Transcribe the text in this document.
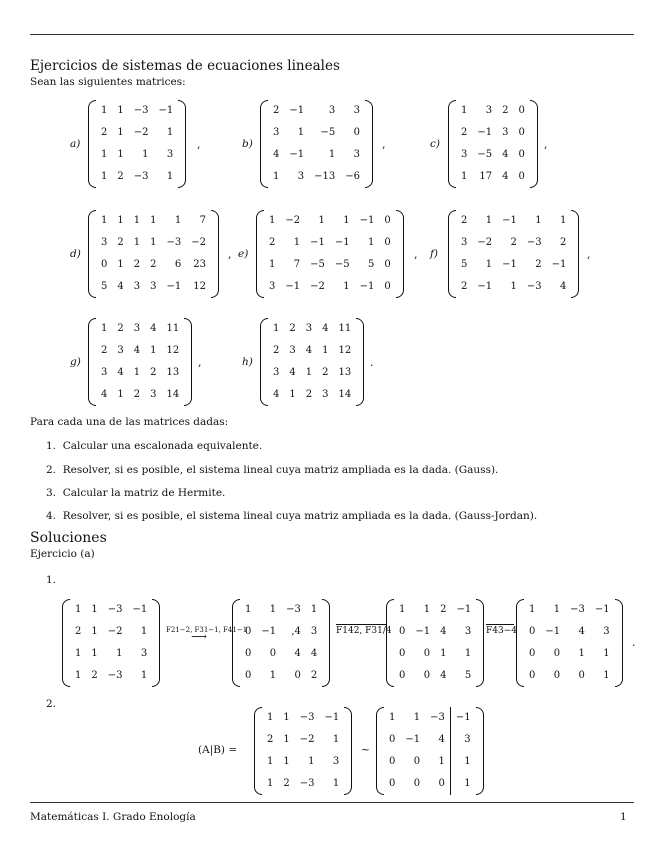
Ejercicios de sistemas de ecuaciones lineales
Sean las siguientes matrices:
a)
1	1	−3	−1
2	1	−2	1
1	1	1	3
1	2	−3	1
,	b)
2	−1	3	3
3	1	−5	0
4	−1	1	3
1	3	−13	−6
,	c)
1	3	2	0
2	−1	3	0
3	−5	4	0
1	17	4	0
,
d)
1	1	1	1	1	7
3	2	1	1	−3	−2
0	1	2	2	6	23
5	4	3	3	−1	12
, e)
1	−2	1	1	−1	0
2	1	−1	−1	1	0
1	7	−5	−5	5	0
3	−1	−2	1	−1	0
, f)
2	1	−1	1	1
3	−2	2	−3	2
5	1	−1	2	−1
2	−1	1	−3	4
,
g)
1	2	3	4	11
2	3	4	1	12
3	4	1	2	13
4	1	2	3	14
,	h)
1	2	3	4	11
2	3	4	1	12
3	4	1	2	13
4	1	2	3	14
.
Para cada una de las matrices dadas:
1. Calcular una escalonada equivalente.
2. Resolver, si es posible, el sistema lineal cuya matriz ampliada es la dada. (Gauss).
3. Calcular la matriz de Hermite.
4. Resolver, si es posible, el sistema lineal cuya matriz ampliada es la dada. (Gauss-Jordan).
Soluciones
Ejercicio (a)
1.
1	1	−3	−1
2	1	−2	1
1	1	1	3
1	2	−3	1
F21−2, F31−1, F41−1
⟶
1	1	−3	1
0	−1	,4	3
0	0	4	4
0	1	0	2
F142, F31/4
1	1	2	−1
0	−1	4	3
0	0	1	1
0	0	4	5
F43−4
1	1	−3	−1
0	−1	4	3
0	0	1	1
0	0	0	1
.
2.
(A|B) =
1	1	−3	−1
2	1	−2	1
1	1	1	3
1	2	−3	1
∼
1	1	−3	−1
0	−1	4	3
0	0	1	1
0	0	0	1
Matemáticas I. Grado Enología	1
